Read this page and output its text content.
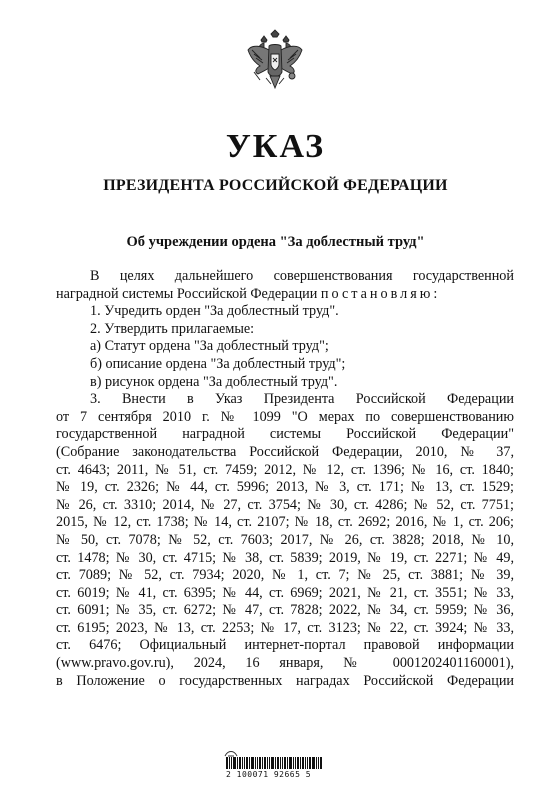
УКАЗ
ПРЕЗИДЕНТА РОССИЙСКОЙ ФЕДЕРАЦИИ
Об учреждении ордена "За доблестный труд"

В целях дальнейшего совершенствования государственной

наградной системы Российской Федерации постановляю:

1. Учредить орден "За доблестный труд".

2. Утвердить прилагаемые:

а) Статут ордена "За доблестный труд";

б) описание ордена "За доблестный труд";

в) рисунок ордена "За доблестный труд".

3. Внести в Указ Президента Российской Федерации

от 7 сентября 2010 г. № 1099 "О мерах по совершенствованию

государственной наградной системы Российской Федерации"

(Собрание законодательства Российской Федерации, 2010, № 37,

ст. 4643; 2011, № 51, ст. 7459; 2012, № 12, ст. 1396; № 16, ст. 1840;

№ 19, ст. 2326; № 44, ст. 5996; 2013, № 3, ст. 171; № 13, ст. 1529;

№ 26, ст. 3310; 2014, № 27, ст. 3754; № 30, ст. 4286; № 52, ст. 7751;

2015, № 12, ст. 1738; № 14, ст. 2107; № 18, ст. 2692; 2016, № 1, ст. 206;

№ 50, ст. 7078; № 52, ст. 7603; 2017, № 26, ст. 3828; 2018, № 10,

ст. 1478; № 30, ст. 4715; № 38, ст. 5839; 2019, № 19, ст. 2271; № 49,

ст. 7089; № 52, ст. 7934; 2020, № 1, ст. 7; № 25, ст. 3881; № 39,

ст. 6019; № 41, ст. 6395; № 44, ст. 6969; 2021, № 21, ст. 3551; № 33,

ст. 6091; № 35, ст. 6272; № 47, ст. 7828; 2022, № 34, ст. 5959; № 36,

ст. 6195; 2023, № 13, ст. 2253; № 17, ст. 3123; № 22, ст. 3924; № 33,

ст. 6476; Официальный интернет-портал правовой информации

(www.pravo.gov.ru), 2024, 16 января, № 0001202401160001),

в Положение о государственных наградах Российской Федерации

2 100071 92665 5
